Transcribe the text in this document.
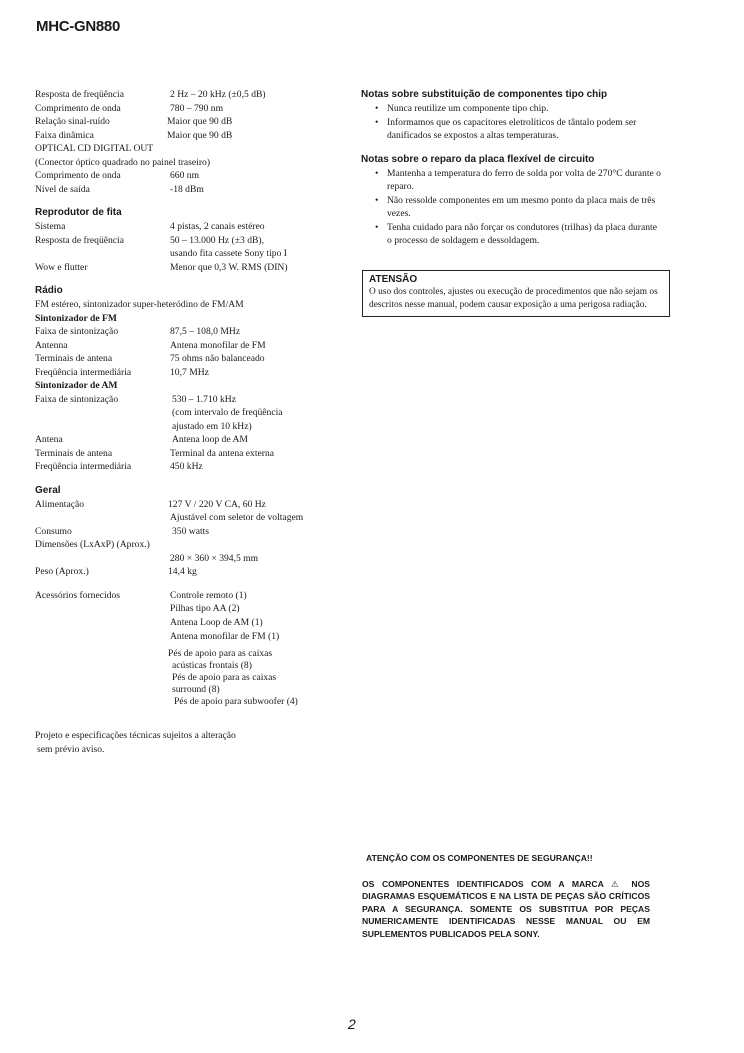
MHC-GN880
Resposta de freqüência	2 Hz – 20 kHz (±0,5 dB)
Comprimento de onda	780 – 790 nm
Relação sinal-ruído	Maior que 90 dB
Faixa dinâmica	Maior que 90 dB
OPTICAL CD DIGITAL OUT
(Conector óptico quadrado no painel traseiro)
Comprimento de onda	660 nm
Nível de saída	-18 dBm
Reprodutor de fita
Sistema	4 pistas, 2 canais estéreo
Resposta de freqüência	50 – 13.000 Hz (±3 dB),
usando fita cassete Sony tipo I
Wow e flutter	Menor que 0,3 W. RMS (DIN)
Rádio
FM estéreo, sintonizador super-heteródino de FM/AM
Sintonizador de FM
Faixa de sintonização	87,5 – 108,0 MHz
Antenna	Antena monofilar de FM
Terminais de antena	75 ohms não balanceado
Freqüência intermediária	10,7 MHz
Sintonizador de AM
Faixa de sintonização	530 – 1.710 kHz
(com intervalo de freqüência
ajustado em 10 kHz)
Antena	Antena loop de AM
Terminais de antena	Terminal da antena externa
Freqüência intermediária	450 kHz
Geral
Alimentação	127 V / 220 V CA, 60 Hz
Ajustável com seletor de voltagem
Consumo	350 watts
Dimensões (LxAxP) (Aprox.)
280 × 360 × 394,5 mm
Peso (Aprox.)	14,4 kg
Acessórios fornecidos	Controle remoto (1)
Pilhas tipo AA (2)
Antena Loop de AM (1)
Antena monofilar de FM (1)
Pés de apoio para as caixas
acústicas frontais (8)
Pés de apoio para as caixas
surround (8)
Pés de apoio para subwoofer (4)
Projeto e especificações técnicas sujeitos a alteração
sem prévio aviso.
Notas sobre substituição de componentes tipo chip
• Nunca reutilize um componente tipo chip.
• Informamos que os capacitores eletrolíticos de tântalo podem ser danificados se expostos a altas temperaturas.
Notas sobre o reparo da placa flexível de circuito
• Mantenha a temperatura do ferro de solda por volta de 270°C durante o reparo.
• Não ressolde componentes em um mesmo ponto da placa mais de três vezes.
• Tenha cuidado para não forçar os condutores (trilhas) da placa durante o processo de soldagem e dessoldagem.
ATENSÃO
O uso dos controles, ajustes ou execução de procedimentos que não sejam os descritos nesse manual, podem causar exposição a uma perigosa radiação.
ATENÇÃO COM OS COMPONENTES DE SEGURANÇA!!
OS COMPONENTES IDENTIFICADOS COM A MARCA ⚠ NOS DIAGRAMAS ESQUEMÁTICOS E NA LISTA DE PEÇAS SÃO CRÍTICOS PARA A SEGURANÇA. SOMENTE OS SUBSTITUA POR PEÇAS NUMERICAMENTE IDENTIFICADAS NESSE MANUAL OU EM SUPLEMENTOS PUBLICADOS PELA SONY.
2
